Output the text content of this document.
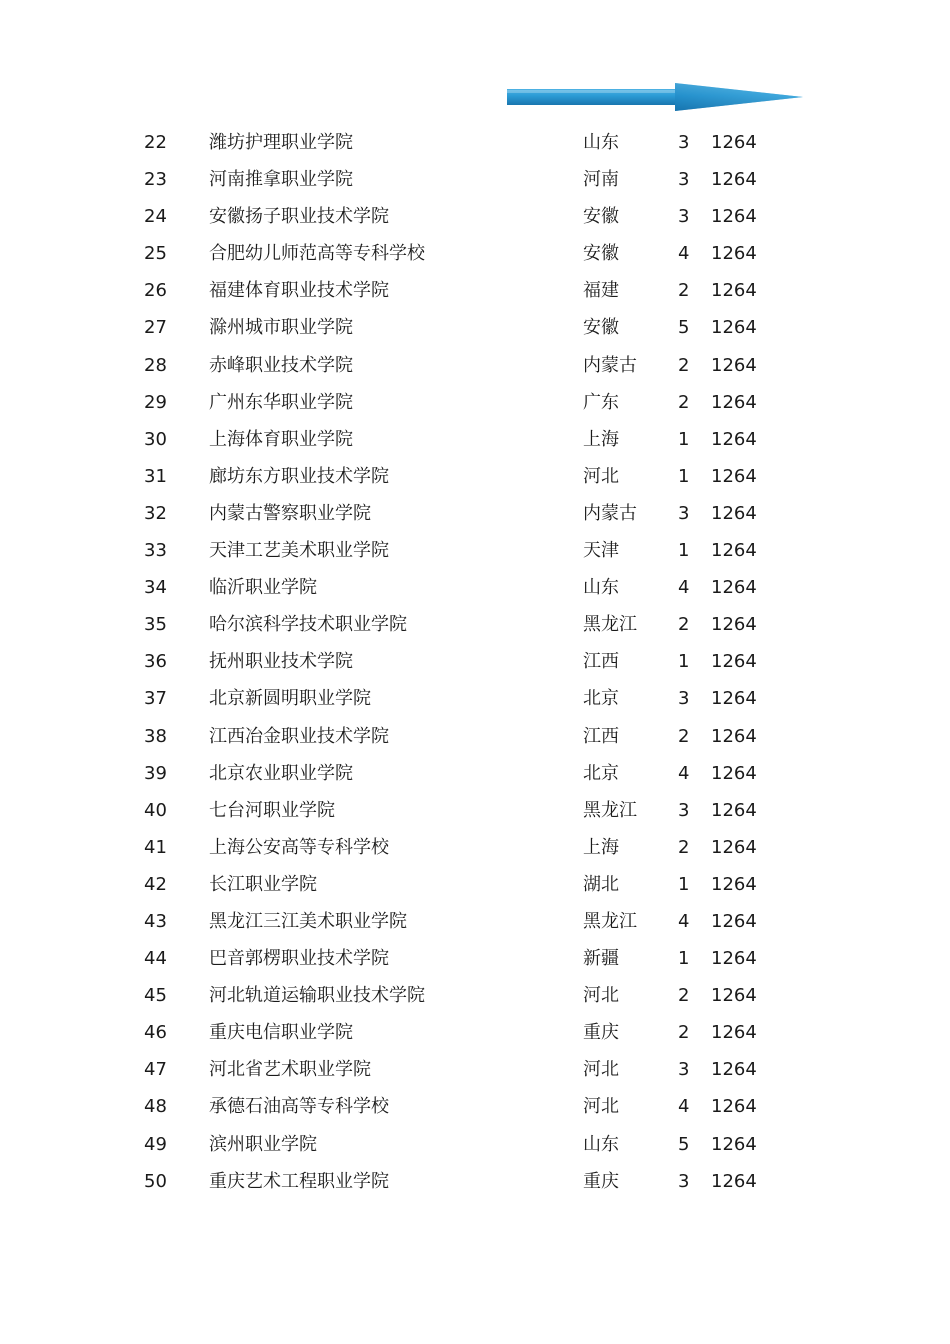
22 潍坊护理职业学院	山东	3 1264
23 河南推拿职业学院	河南	3 1264
24 安徽扬子职业技术学院	安徽	3 1264
25 合肥幼儿师范高等专科学校	安徽	4 1264
26 福建体育职业技术学院	福建	2 1264
27 滁州城市职业学院	安徽	5 1264
28 赤峰职业技术学院	内蒙古 2 1264
29 广州东华职业学院	广东	2 1264
30 上海体育职业学院	上海	1 1264
31 廊坊东方职业技术学院	河北	1 1264
32 内蒙古警察职业学院	内蒙古 3 1264
33 天津工艺美术职业学院	天津	1 1264
34 临沂职业学院	山东	4 1264
35 哈尔滨科学技术职业学院	黑龙江 2 1264
36 抚州职业技术学院	江西	1 1264
37 北京新圆明职业学院	北京	3 1264
38 江西冶金职业技术学院	江西	2 1264
39 北京农业职业学院	北京	4 1264
40 七台河职业学院	黑龙江 3 1264
41 上海公安高等专科学校	上海	2 1264
42 长江职业学院	湖北	1 1264
43 黑龙江三江美术职业学院	黑龙江 4 1264
44 巴音郭楞职业技术学院	新疆	1 1264
45 河北轨道运输职业技术学院	河北	2 1264
46 重庆电信职业学院	重庆	2 1264
47 河北省艺术职业学院	河北	3 1264
48 承德石油高等专科学校	河北	4 1264
49 滨州职业学院	山东	5 1264
50 重庆艺术工程职业学院	重庆	3 1264
